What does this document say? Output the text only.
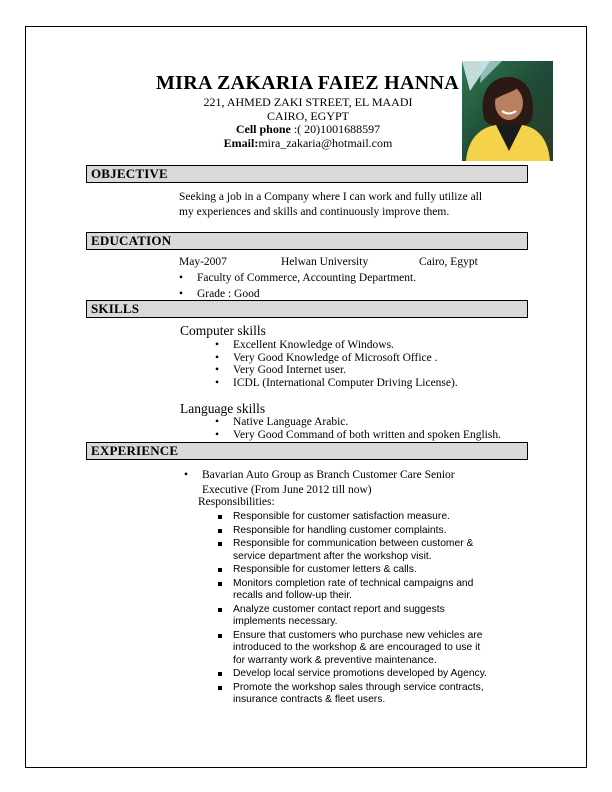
MIRA ZAKARIA FAIEZ HANNA
221, AHMED ZAKI STREET, EL MAADI
CAIRO, EGYPT
Cell phone :( 20)1001688597
Email:mira_zakaria@hotmail.com
OBJECTIVE
Seeking a job in a Company where I can work and fully utilize all
my experiences and skills and continuously improve them.
EDUCATION
May-2007	Helwan University	Cairo, Egypt
• Faculty of Commerce, Accounting Department.
• Grade : Good
SKILLS
Computer skills
• Excellent Knowledge of Windows.
• Very Good Knowledge of Microsoft Office .
• Very Good Internet user.
• ICDL (International Computer Driving License).
Language skills
• Native Language Arabic.
• Very Good Command of both written and spoken English.
EXPERIENCE
• Bavarian Auto Group as Branch Customer Care Senior
Executive (From June 2012 till now)
Responsibilities:
Responsible for customer satisfaction measure.
Responsible for handling customer complaints.
Responsible for communication between customer & service department after the workshop visit.
Responsible for customer letters & calls.
Monitors completion rate of technical campaigns and recalls and follow-up their.
Analyze customer contact report and suggests implements necessary.
Ensure that customers who purchase new vehicles are introduced to the workshop & are encouraged to use it for warranty work & preventive maintenance.
Develop local service promotions developed by Agency.
Promote the workshop sales through service contracts, insurance contracts & fleet users.
